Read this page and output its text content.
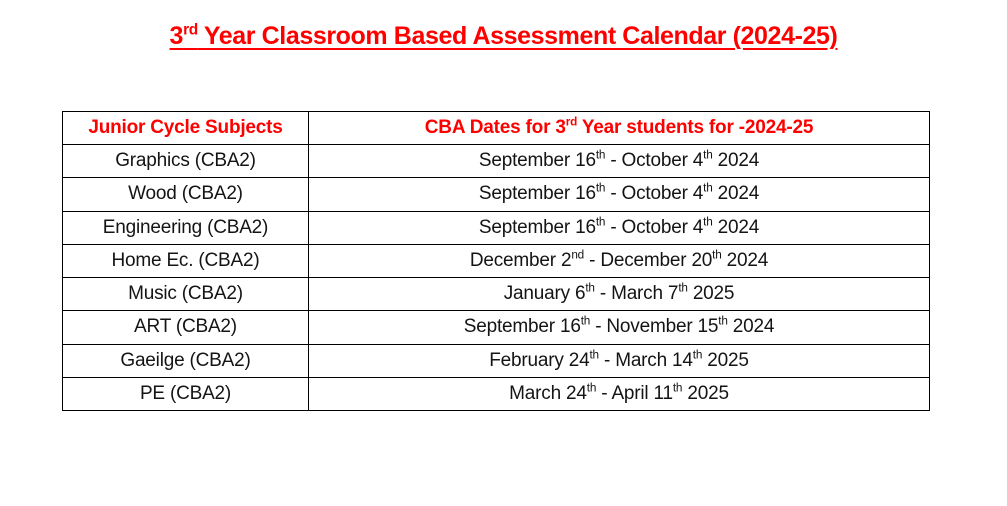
3rd Year Classroom Based Assessment Calendar (2024-25)
Junior Cycle Subjects	CBA Dates for 3rd Year students for -2024-25
Graphics (CBA2)	September 16th - October 4th 2024
Wood (CBA2)	September 16th - October 4th 2024
Engineering (CBA2)	September 16th - October 4th 2024
Home Ec. (CBA2)	December 2nd - December 20th 2024
Music (CBA2)	January 6th - March 7th 2025
ART (CBA2)	September 16th - November 15th 2024
Gaeilge (CBA2)	February 24th - March 14th 2025
PE (CBA2)	March 24th - April 11th 2025
